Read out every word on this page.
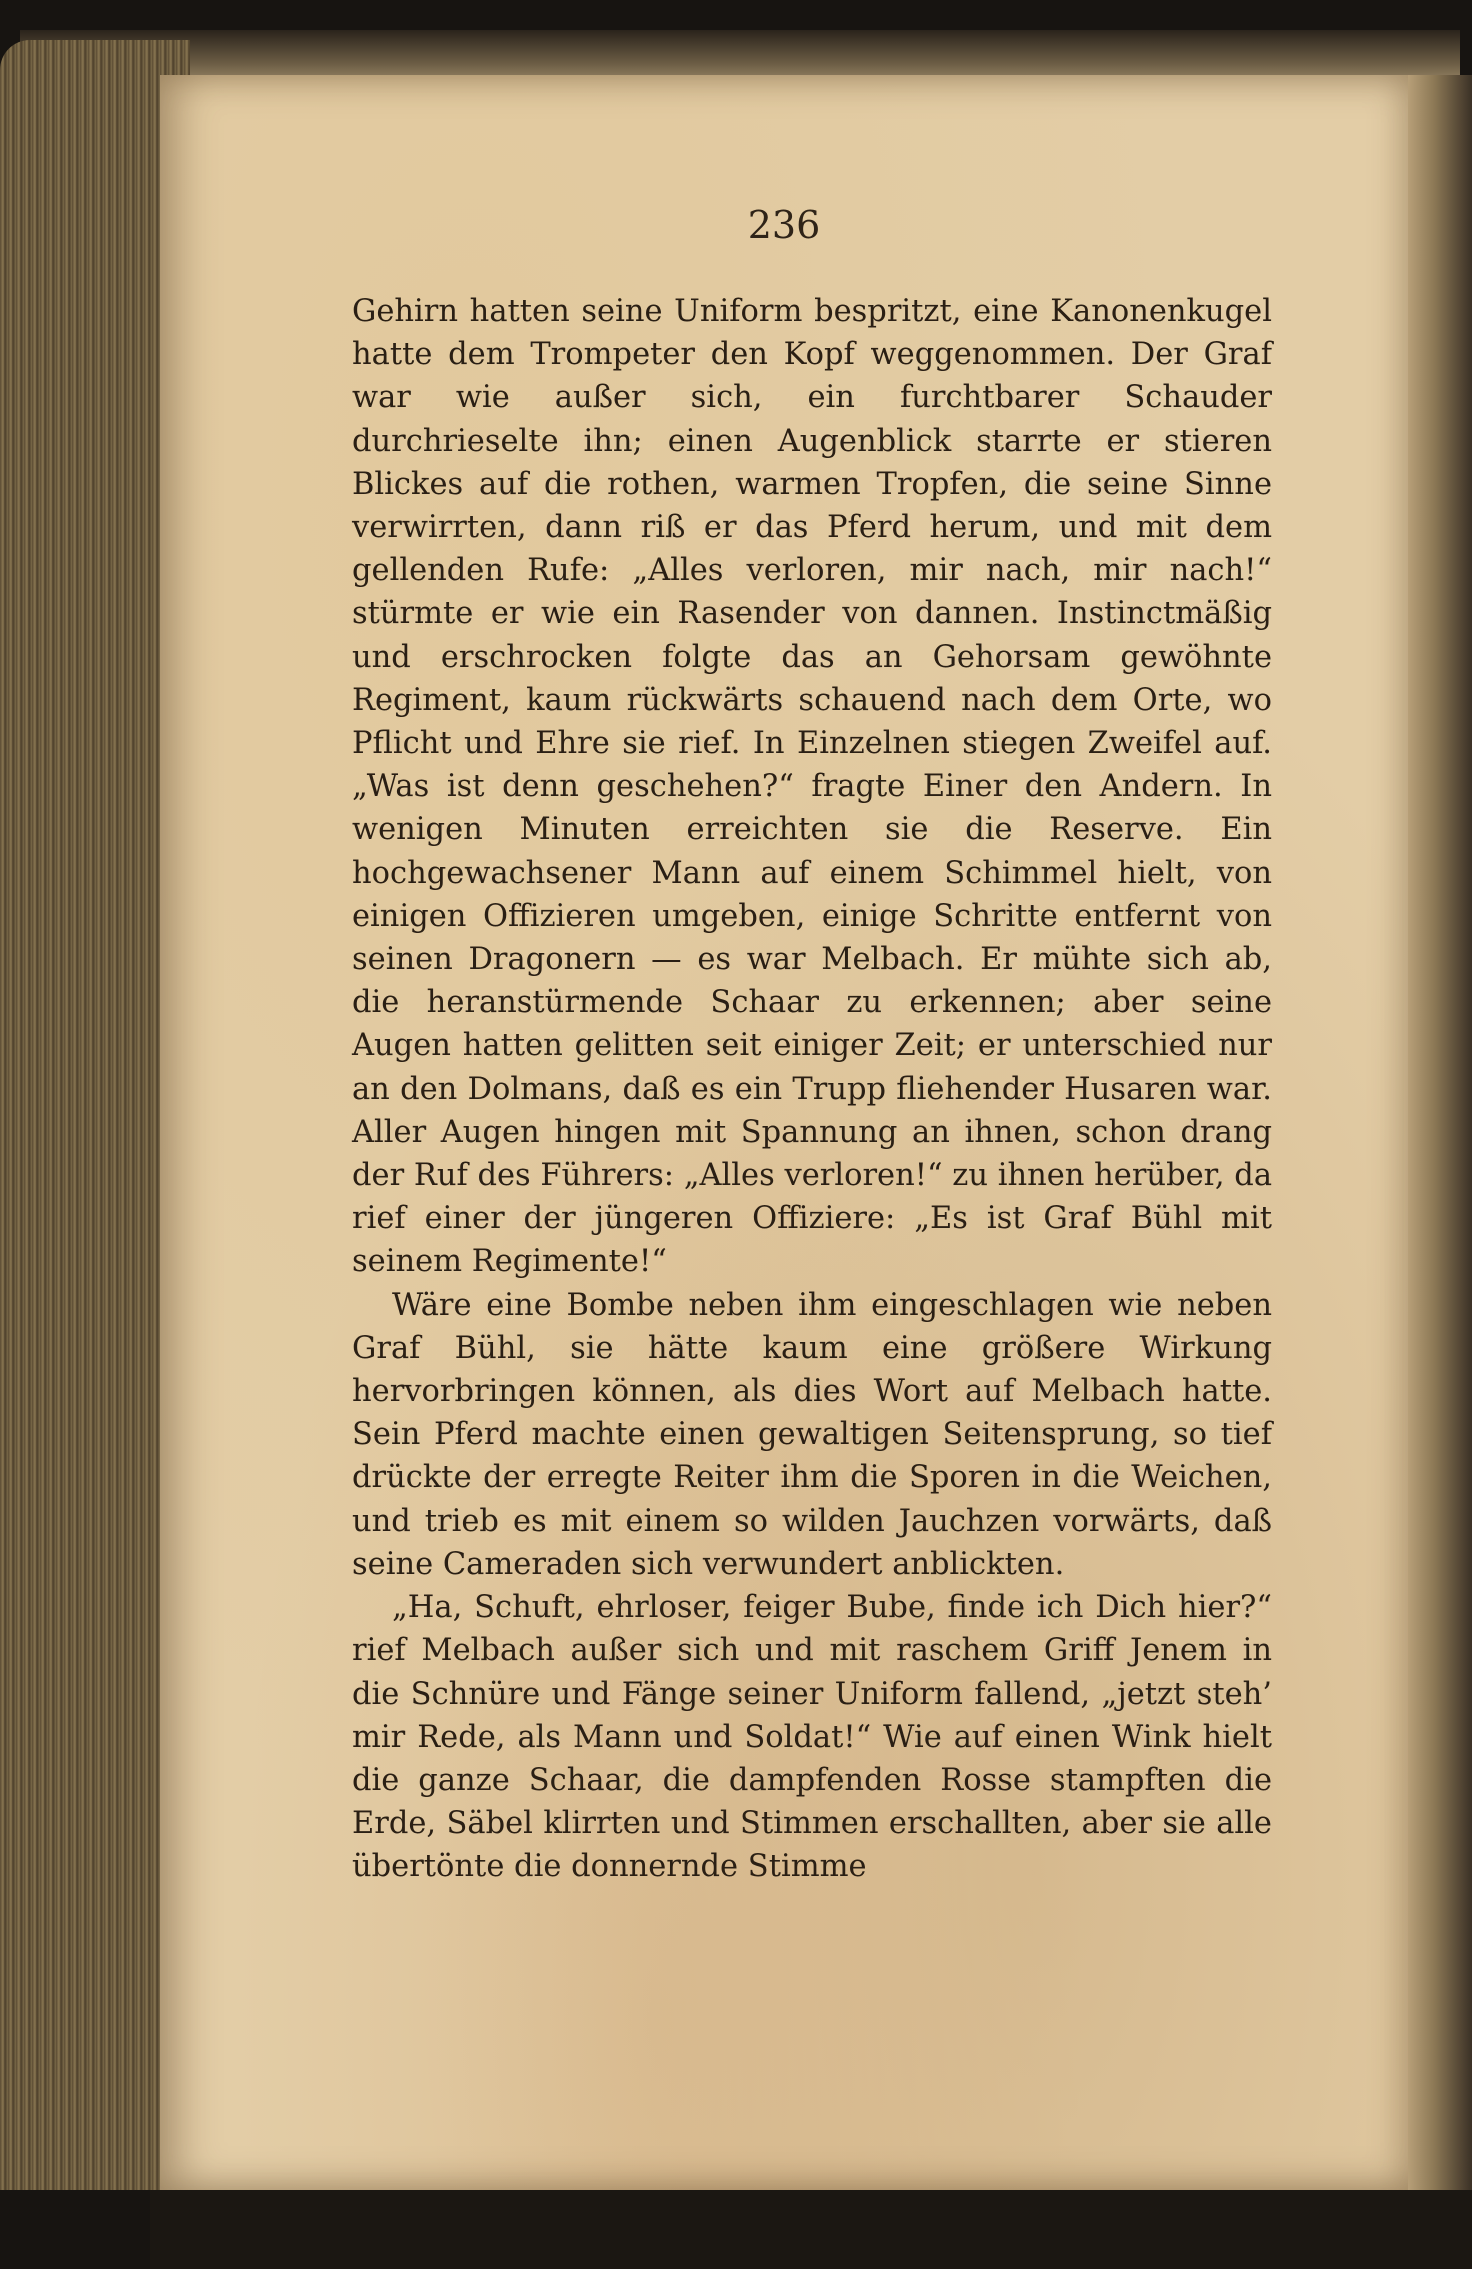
236

Gehirn hatten seine Uniform bespritzt, eine Kanonenkugel hatte dem Trompeter den Kopf weggenommen. Der Graf war wie außer sich, ein furchtbarer Schauder durchrieselte ihn; einen Augenblick starrte er stieren Blickes auf die rothen, warmen Tropfen, die seine Sinne verwirrten, dann riß er das Pferd herum, und mit dem gellenden Rufe: „Alles verloren, mir nach, mir nach!“ stürmte er wie ein Rasender von dannen. Instinctmäßig und erschrocken folgte das an Gehorsam gewöhnte Regiment, kaum rückwärts schauend nach dem Orte, wo Pflicht und Ehre sie rief. In Einzelnen stiegen Zweifel auf. „Was ist denn geschehen?“ fragte Einer den Andern. In wenigen Minuten erreichten sie die Reserve. Ein hochgewachsener Mann auf einem Schimmel hielt, von einigen Offizieren umgeben, einige Schritte entfernt von seinen Dragonern — es war Melbach. Er mühte sich ab, die heranstürmende Schaar zu erkennen; aber seine Augen hatten gelitten seit einiger Zeit; er unterschied nur an den Dolmans, daß es ein Trupp fliehender Husaren war. Aller Augen hingen mit Spannung an ihnen, schon drang der Ruf des Führers: „Alles verloren!“ zu ihnen herüber, da rief einer der jüngeren Offiziere: „Es ist Graf Bühl mit seinem Regimente!“

Wäre eine Bombe neben ihm eingeschlagen wie neben Graf Bühl, sie hätte kaum eine größere Wirkung hervorbringen können, als dies Wort auf Melbach hatte. Sein Pferd machte einen gewaltigen Seitensprung, so tief drückte der erregte Reiter ihm die Sporen in die Weichen, und trieb es mit einem so wilden Jauchzen vorwärts, daß seine Cameraden sich verwundert anblickten.

„Ha, Schuft, ehrloser, feiger Bube, finde ich Dich hier?“ rief Melbach außer sich und mit raschem Griff Jenem in die Schnüre und Fänge seiner Uniform fallend, „jetzt steh’ mir Rede, als Mann und Soldat!“ Wie auf einen Wink hielt die ganze Schaar, die dampfenden Rosse stampften die Erde, Säbel klirrten und Stimmen erschallten, aber sie alle übertönte die donnernde Stimme
